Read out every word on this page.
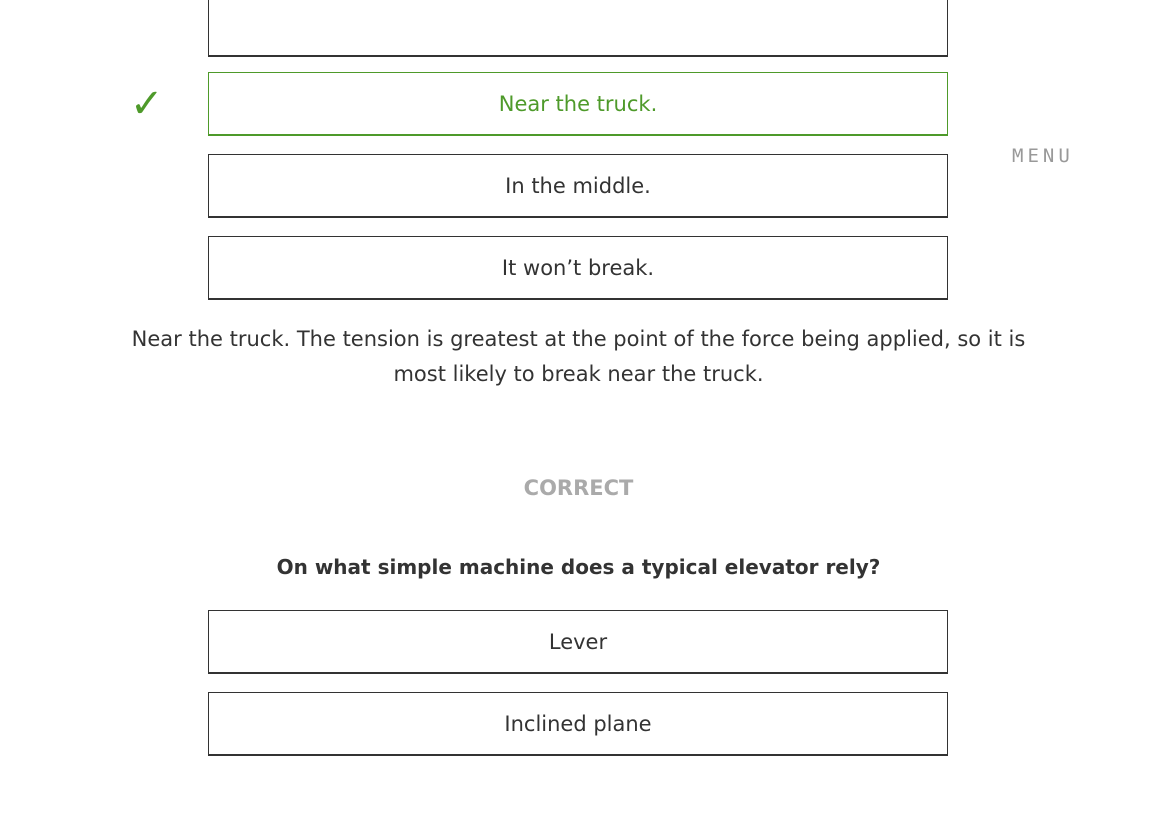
✓	Near the truck.
In the middle.
It won’t break.
MENU

Near the truck. The tension is greatest at the point of the force being applied, so it is most likely to break near the truck.

CORRECT

On what simple machine does a typical elevator rely?

Lever
Inclined plane
